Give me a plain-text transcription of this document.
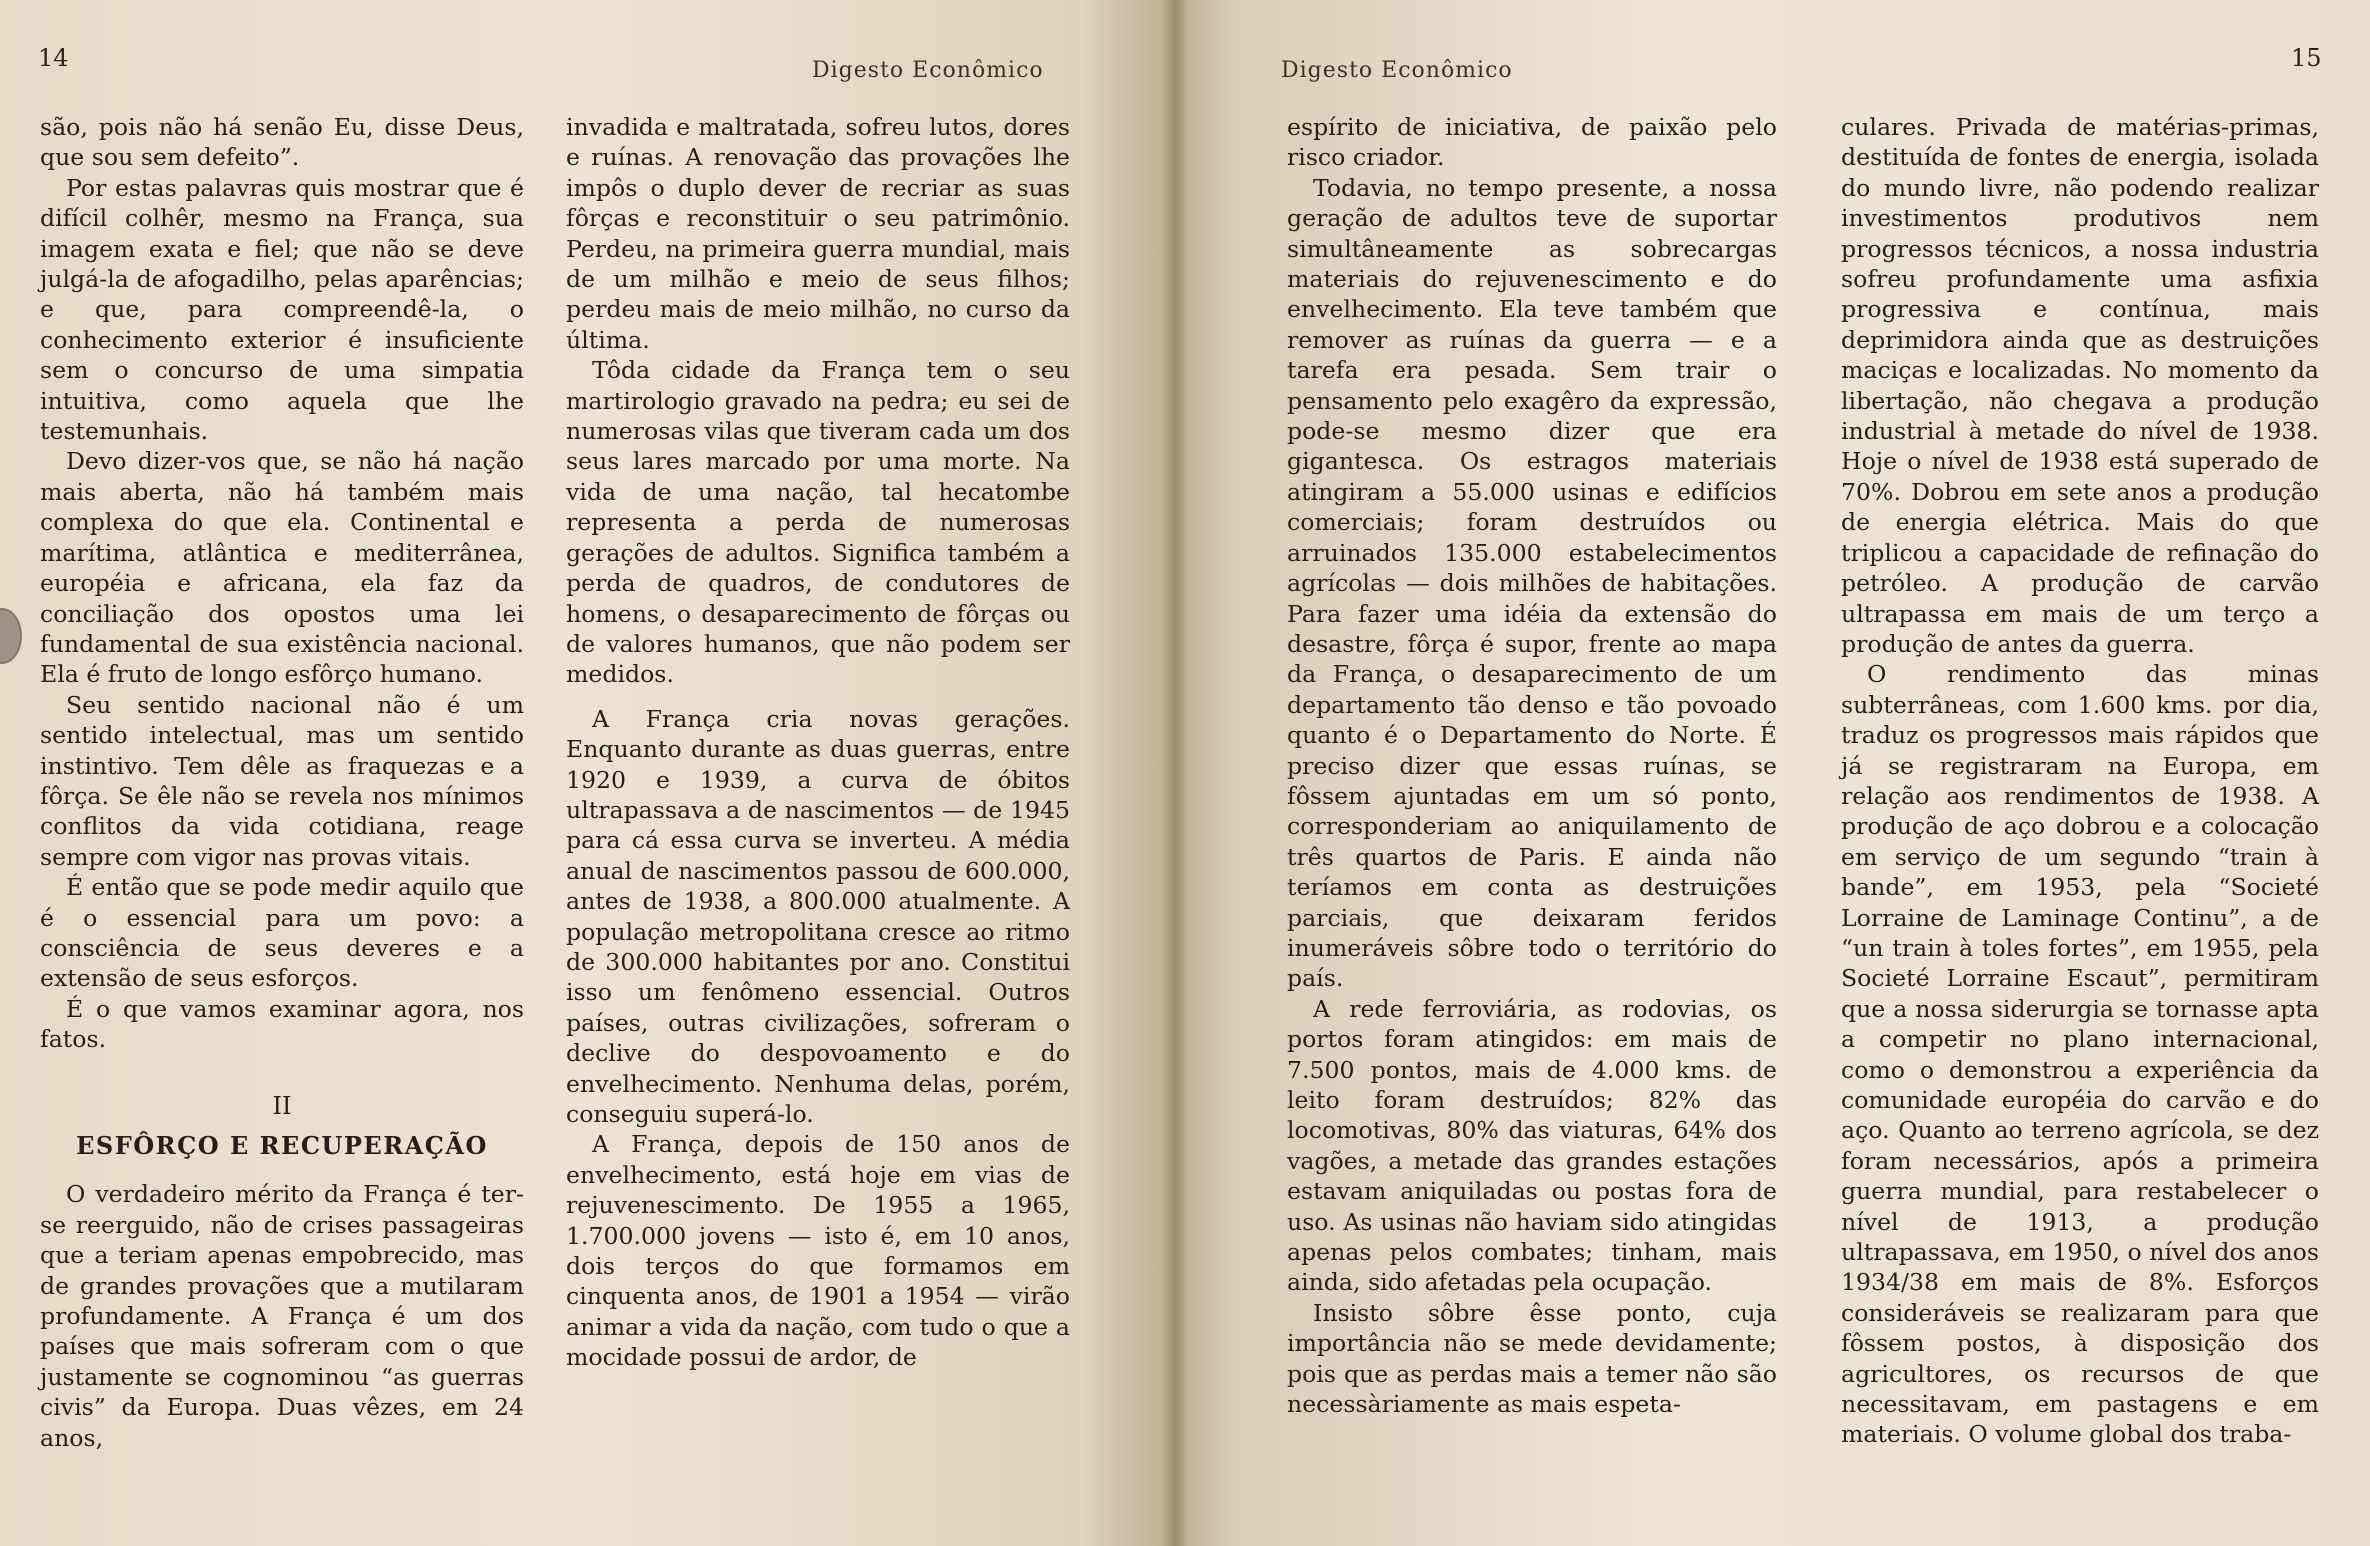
14	Digesto Econômico

são, pois não há senão Eu, disse Deus, que sou sem defeito”.

Por estas palavras quis mostrar que é difícil colhêr, mesmo na França, sua imagem exata e fiel; que não se deve julgá-la de afogadilho, pelas aparências; e que, para compreendê-la, o conhecimento exterior é insuficiente sem o concurso de uma simpatia intuitiva, como aquela que lhe testemunhais.

Devo dizer-vos que, se não há nação mais aberta, não há também mais complexa do que ela. Continental e marítima, atlântica e mediterrânea, européia e africana, ela faz da conciliação dos opostos uma lei fundamental de sua existência nacional. Ela é fruto de longo esfôrço humano.

Seu sentido nacional não é um sentido intelectual, mas um sentido instintivo. Tem dêle as fraquezas e a fôrça. Se êle não se revela nos mínimos conflitos da vida cotidiana, reage sempre com vigor nas provas vitais.

É então que se pode medir aquilo que é o essencial para um povo: a consciência de seus deveres e a extensão de seus esforços.

É o que vamos examinar agora, nos fatos.

II
ESFÔRÇO E RECUPERAÇÃO

O verdadeiro mérito da França é ter-se reerguido, não de crises passageiras que a teriam apenas empobrecido, mas de grandes provações que a mutilaram profundamente. A França é um dos países que mais sofreram com o que justamente se cognominou “as guerras civis” da Europa. Duas vêzes, em 24 anos,

invadida e maltratada, sofreu lutos, dores e ruínas. A renovação das provações lhe impôs o duplo dever de recriar as suas fôrças e reconstituir o seu patrimônio. Perdeu, na primeira guerra mundial, mais de um milhão e meio de seus filhos; perdeu mais de meio milhão, no curso da última.

Tôda cidade da França tem o seu martirologio gravado na pedra; eu sei de numerosas vilas que tiveram cada um dos seus lares marcado por uma morte. Na vida de uma nação, tal hecatombe representa a perda de numerosas gerações de adultos. Significa também a perda de quadros, de condutores de homens, o desaparecimento de fôrças ou de valores humanos, que não podem ser medidos.

A França cria novas gerações. Enquanto durante as duas guerras, entre 1920 e 1939, a curva de óbitos ultrapassava a de nascimentos — de 1945 para cá essa curva se inverteu. A média anual de nascimentos passou de 600.000, antes de 1938, a 800.000 atualmente. A população metropolitana cresce ao ritmo de 300.000 habitantes por ano. Constitui isso um fenômeno essencial. Outros países, outras civilizações, sofreram o declive do despovoamento e do envelhecimento. Nenhuma delas, porém, conseguiu superá-lo.

A França, depois de 150 anos de envelhecimento, está hoje em vias de rejuvenescimento. De 1955 a 1965, 1.700.000 jovens — isto é, em 10 anos, dois terços do que formamos em cinquenta anos, de 1901 a 1954 — virão animar a vida da nação, com tudo o que a mocidade possui de ardor, de

Digesto Econômico	15

espírito de iniciativa, de paixão pelo risco criador.

Todavia, no tempo presente, a nossa geração de adultos teve de suportar simultâneamente as sobrecargas materiais do rejuvenescimento e do envelhecimento. Ela teve também que remover as ruínas da guerra — e a tarefa era pesada. Sem trair o pensamento pelo exagêro da expressão, pode-se mesmo dizer que era gigantesca. Os estragos materiais atingiram a 55.000 usinas e edifícios comerciais; foram destruídos ou arruinados 135.000 estabelecimentos agrícolas — dois milhões de habitações. Para fazer uma idéia da extensão do desastre, fôrça é supor, frente ao mapa da França, o desaparecimento de um departamento tão denso e tão povoado quanto é o Departamento do Norte. É preciso dizer que essas ruínas, se fôssem ajuntadas em um só ponto, corresponderiam ao aniquilamento de três quartos de Paris. E ainda não teríamos em conta as destruições parciais, que deixaram feridos inumeráveis sôbre todo o território do país.

A rede ferroviária, as rodovias, os portos foram atingidos: em mais de 7.500 pontos, mais de 4.000 kms. de leito foram destruídos; 82% das locomotivas, 80% das viaturas, 64% dos vagões, a metade das grandes estações estavam aniquiladas ou postas fora de uso. As usinas não haviam sido atingidas apenas pelos combates; tinham, mais ainda, sido afetadas pela ocupação.

Insisto sôbre êsse ponto, cuja importância não se mede devidamente; pois que as perdas mais a temer não são necessàriamente as mais espeta-

culares. Privada de matérias-primas, destituída de fontes de energia, isolada do mundo livre, não podendo realizar investimentos produtivos nem progressos técnicos, a nossa industria sofreu profundamente uma asfixia progressiva e contínua, mais deprimidora ainda que as destruições maciças e localizadas. No momento da libertação, não chegava a produção industrial à metade do nível de 1938. Hoje o nível de 1938 está superado de 70%. Dobrou em sete anos a produção de energia elétrica. Mais do que triplicou a capacidade de refinação do petróleo. A produção de carvão ultrapassa em mais de um terço a produção de antes da guerra.

O rendimento das minas subterrâneas, com 1.600 kms. por dia, traduz os progressos mais rápidos que já se registraram na Europa, em relação aos rendimentos de 1938. A produção de aço dobrou e a colocação em serviço de um segundo “train à bande”, em 1953, pela “Societé Lorraine de Laminage Continu”, a de “un train à toles fortes”, em 1955, pela Societé Lorraine Escaut”, permitiram que a nossa siderurgia se tornasse apta a competir no plano internacional, como o demonstrou a experiência da comunidade européia do carvão e do aço. Quanto ao terreno agrícola, se dez foram necessários, após a primeira guerra mundial, para restabelecer o nível de 1913, a produção ultrapassava, em 1950, o nível dos anos 1934/38 em mais de 8%. Esforços consideráveis se realizaram para que fôssem postos, à disposição dos agricultores, os recursos de que necessitavam, em pastagens e em materiais. O volume global dos traba-
